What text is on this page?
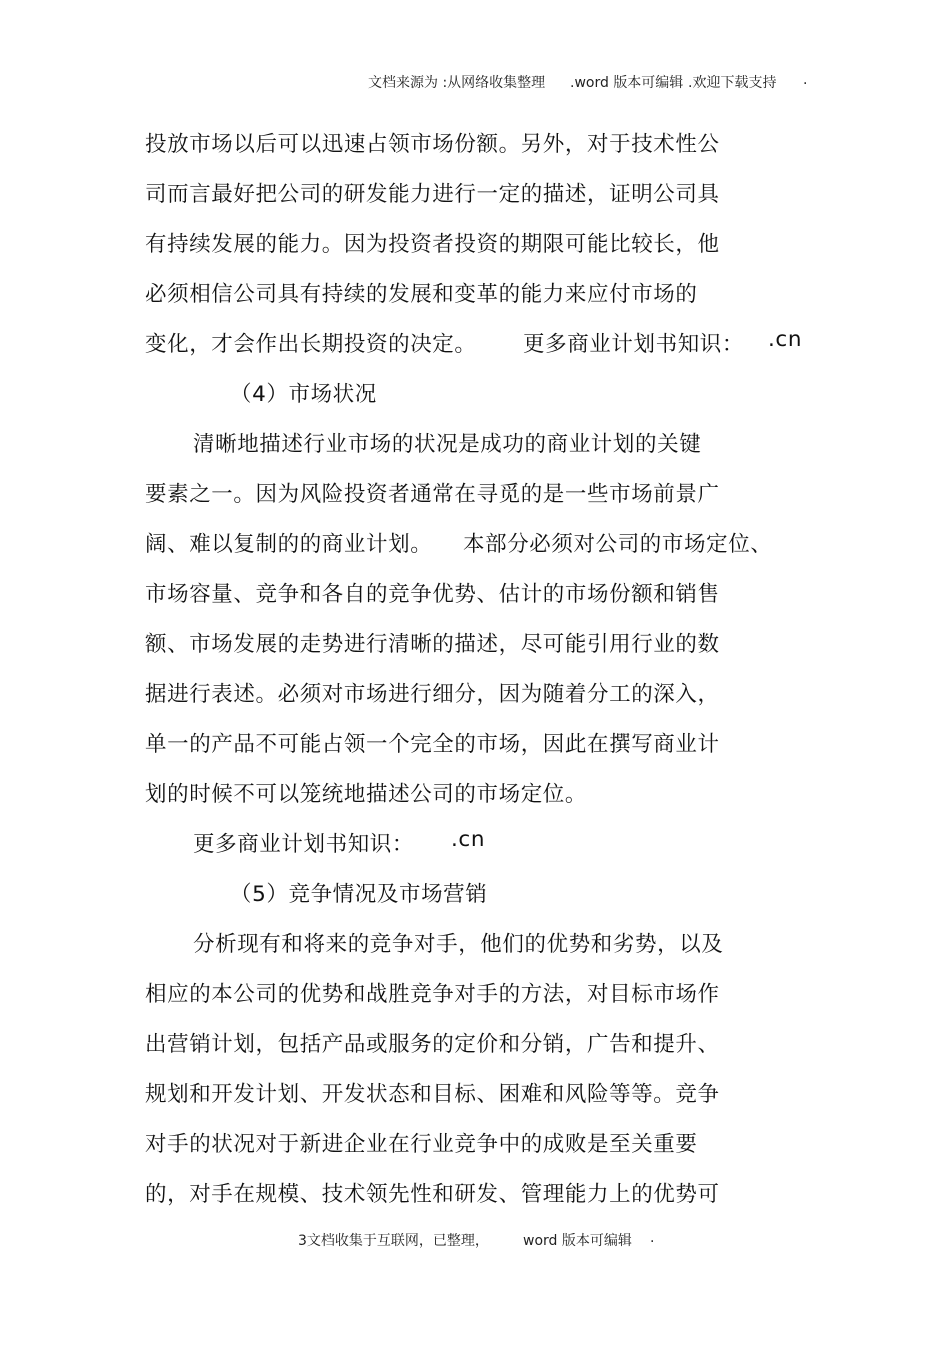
文档来源为 :从网络收集整理 .word 版本可编辑 .欢迎下载支持 .
投放市场以后可以迅速占领市场份额。另外，对于技术性公
司而言最好把公司的研发能力进行一定的描述，证明公司具
有持续发展的能力。因为投资者投资的期限可能比较长，他
必须相信公司具有持续的发展和变革的能力来应付市场的
变化，才会作出长期投资的决定。 更多商业计划书知识： .cn
（4）市场状况
清晰地描述行业市场的状况是成功的商业计划的关键
要素之一。因为风险投资者通常在寻觅的是一些市场前景广
阔、难以复制的的商业计划。 本部分必须对公司的市场定位、
市场容量、竞争和各自的竞争优势、估计的市场份额和销售
额、市场发展的走势进行清晰的描述，尽可能引用行业的数
据进行表述。必须对市场进行细分，因为随着分工的深入，
单一的产品不可能占领一个完全的市场，因此在撰写商业计
划的时候不可以笼统地描述公司的市场定位。
更多商业计划书知识： .cn
（5）竞争情况及市场营销
分析现有和将来的竞争对手，他们的优势和劣势，以及
相应的本公司的优势和战胜竞争对手的方法，对目标市场作
出营销计划，包括产品或服务的定价和分销，广告和提升、
规划和开发计划、开发状态和目标、困难和风险等等。竞争
对手的状况对于新进企业在行业竞争中的成败是至关重要
的，对手在规模、技术领先性和研发、管理能力上的优势可
3文档收集于互联网，已整理， word 版本可编辑 .
